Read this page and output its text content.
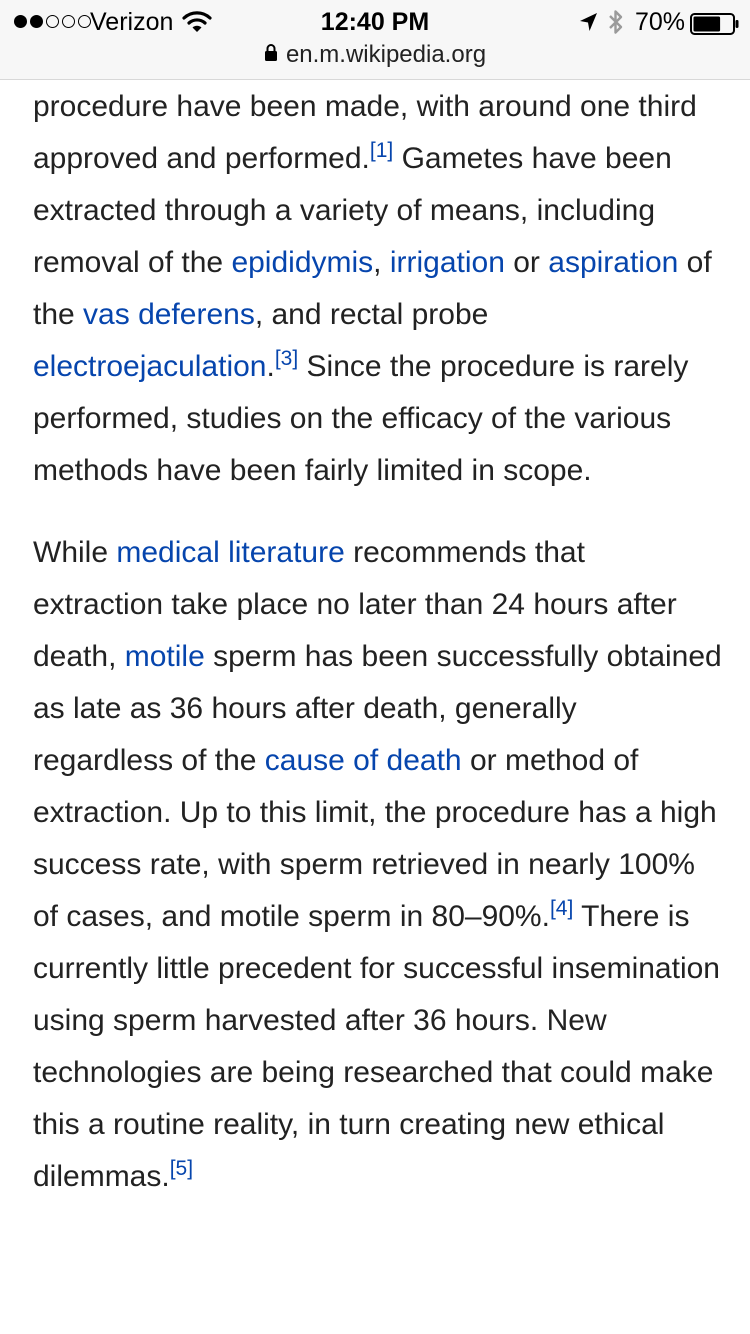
Verizon	12:40 PM	70%
en.m.wikipedia.org

procedure have been made, with around one third approved and performed.[1] Gametes have been extracted through a variety of means, including removal of the epididymis, irrigation or aspiration of the vas deferens, and rectal probe electroejaculation.[3] Since the procedure is rarely performed, studies on the efficacy of the various methods have been fairly limited in scope.

While medical literature recommends that extraction take place no later than 24 hours after death, motile sperm has been successfully obtained as late as 36 hours after death, generally regardless of the cause of death or method of extraction. Up to this limit, the procedure has a high success rate, with sperm retrieved in nearly 100% of cases, and motile sperm in 80–90%.[4] There is currently little precedent for successful insemination using sperm harvested after 36 hours. New technologies are being researched that could make this a routine reality, in turn creating new ethical dilemmas.[5]
